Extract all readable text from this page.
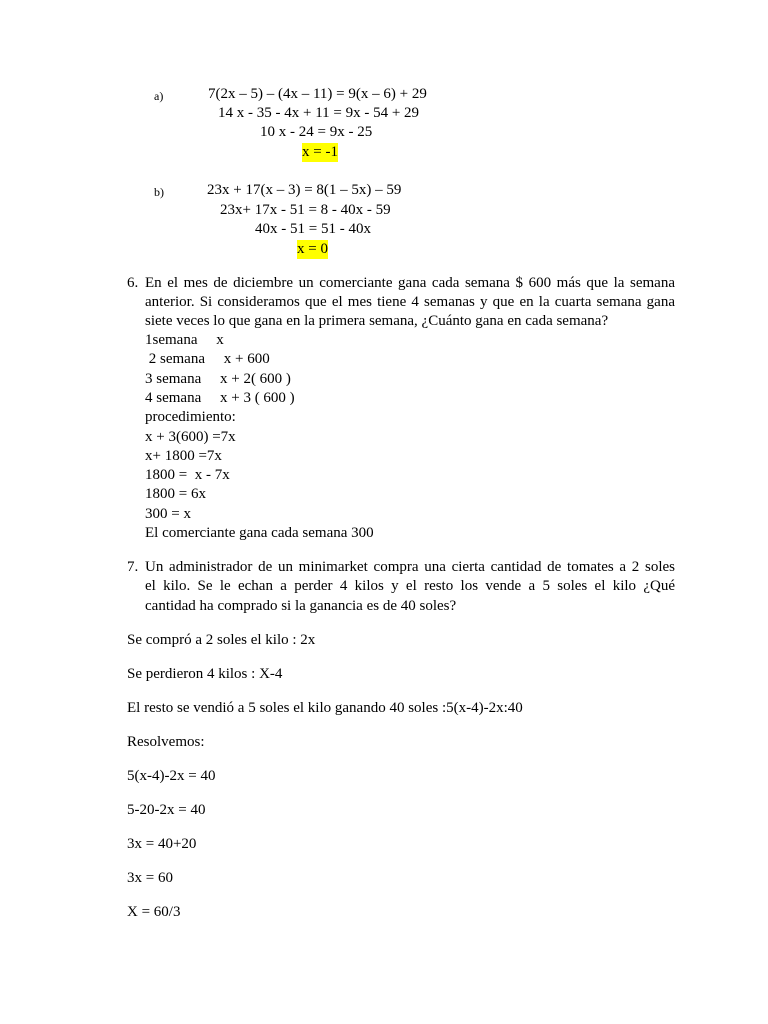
a)	7(2x – 5) – (4x – 11) = 9(x – 6) + 29
14 x - 35 - 4x + 11 = 9x - 54 + 29
10 x - 24 = 9x - 25
x = -1
b)	23x + 17(x – 3) = 8(1 – 5x) – 59
23x+ 17x - 51 = 8 - 40x - 59
40x - 51 = 51 - 40x
x = 0
6. En el mes de diciembre un comerciante gana cada semana $ 600 más que la semana
anterior. Si consideramos que el mes tiene 4 semanas y que en la cuarta semana gana
siete veces lo que gana en la primera semana, ¿Cuánto gana en cada semana?
1semana     x
2 semana     x + 600
3 semana     x + 2( 600 )
4 semana     x + 3 ( 600 )
procedimiento:
x + 3(600) =7x
x+ 1800 =7x
1800 =  x - 7x
1800 = 6x
300 = x
El comerciante gana cada semana 300
7. Un administrador de un minimarket compra una cierta cantidad de tomates a 2 soles
el kilo. Se le echan a perder 4 kilos y el resto los vende a 5 soles el kilo ¿Qué
cantidad ha comprado si la ganancia es de 40 soles?
Se compró a 2 soles el kilo : 2x
Se perdieron 4 kilos : X-4
El resto se vendió a 5 soles el kilo ganando 40 soles :5(x-4)-2x:40
Resolvemos:
5(x-4)-2x = 40
5-20-2x = 40
3x = 40+20
3x = 60
X = 60/3
